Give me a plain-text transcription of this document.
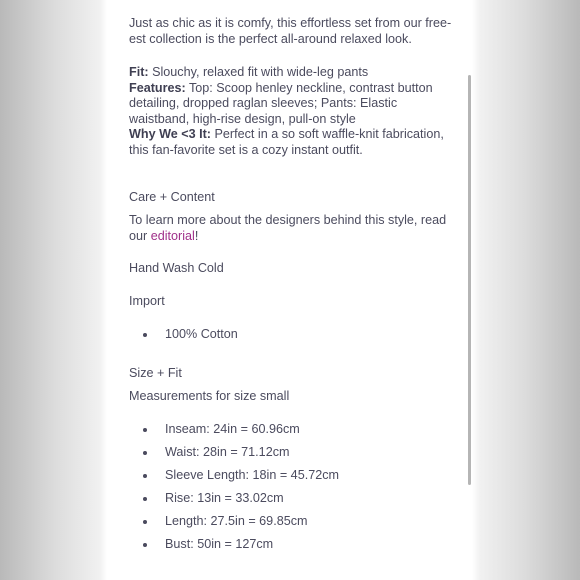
Just as chic as it is comfy, this effortless set from our free-
est collection is the perfect all-around relaxed look.

Fit: Slouchy, relaxed fit with wide-leg pants
Features: Top: Scoop henley neckline, contrast button
detailing, dropped raglan sleeves; Pants: Elastic
waistband, high-rise design, pull-on style
Why We <3 It: Perfect in a so soft waffle-knit fabrication,
this fan-favorite set is a cozy instant outfit.

Care + Content

To learn more about the designers behind this style, read
our editorial!

Hand Wash Cold

Import

100% Cotton

Size + Fit

Measurements for size small

Inseam: 24in = 60.96cm
Waist: 28in = 71.12cm
Sleeve Length: 18in = 45.72cm
Rise: 13in = 33.02cm
Length: 27.5in = 69.85cm
Bust: 50in = 127cm
